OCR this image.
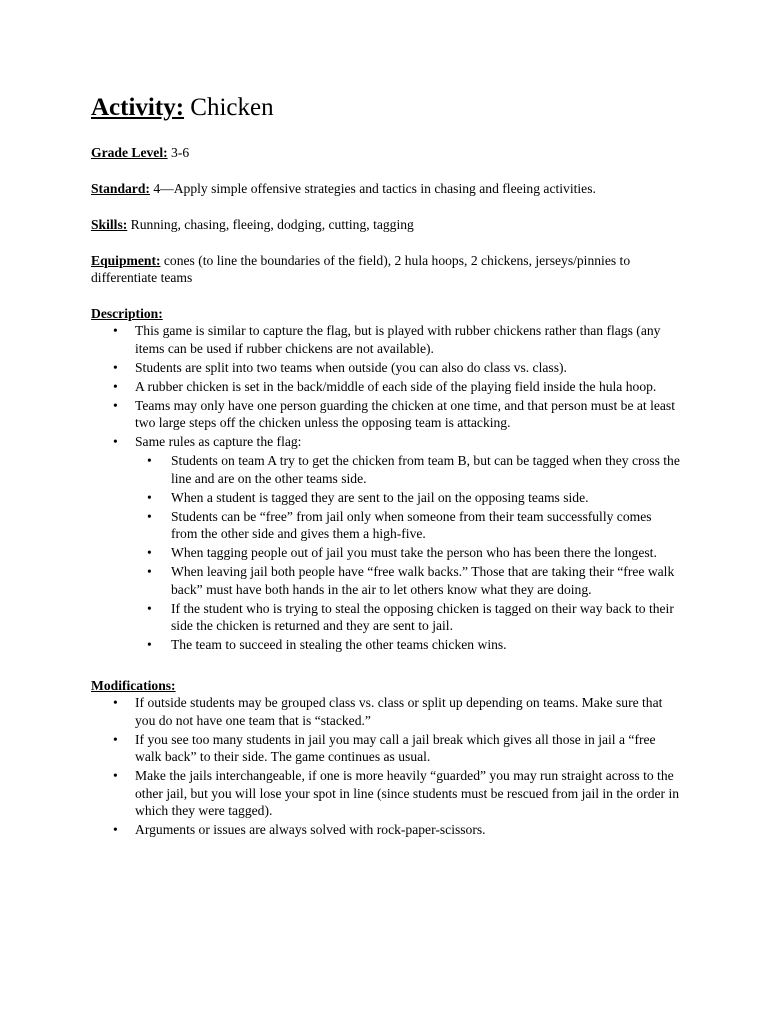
Activity: Chicken
Grade Level: 3-6
Standard: 4—Apply simple offensive strategies and tactics in chasing and fleeing activities.
Skills: Running, chasing, fleeing, dodging, cutting, tagging
Equipment: cones (to line the boundaries of the field), 2 hula hoops, 2 chickens, jerseys/pinnies to differentiate teams
Description:
• This game is similar to capture the flag, but is played with rubber chickens rather than flags (any items can be used if rubber chickens are not available).
• Students are split into two teams when outside (you can also do class vs. class).
• A rubber chicken is set in the back/middle of each side of the playing field inside the hula hoop.
• Teams may only have one person guarding the chicken at one time, and that person must be at least two large steps off the chicken unless the opposing team is attacking.
• Same rules as capture the flag:
• Students on team A try to get the chicken from team B, but can be tagged when they cross the line and are on the other teams side.
• When a student is tagged they are sent to the jail on the opposing teams side.
• Students can be “free” from jail only when someone from their team successfully comes from the other side and gives them a high-five.
• When tagging people out of jail you must take the person who has been there the longest.
• When leaving jail both people have “free walk backs.” Those that are taking their “free walk back” must have both hands in the air to let others know what they are doing.
• If the student who is trying to steal the opposing chicken is tagged on their way back to their side the chicken is returned and they are sent to jail.
• The team to succeed in stealing the other teams chicken wins.
Modifications:
• If outside students may be grouped class vs. class or split up depending on teams. Make sure that you do not have one team that is “stacked.”
• If you see too many students in jail you may call a jail break which gives all those in jail a “free walk back” to their side. The game continues as usual.
• Make the jails interchangeable, if one is more heavily “guarded” you may run straight across to the other jail, but you will lose your spot in line (since students must be rescued from jail in the order in which they were tagged).
• Arguments or issues are always solved with rock-paper-scissors.
